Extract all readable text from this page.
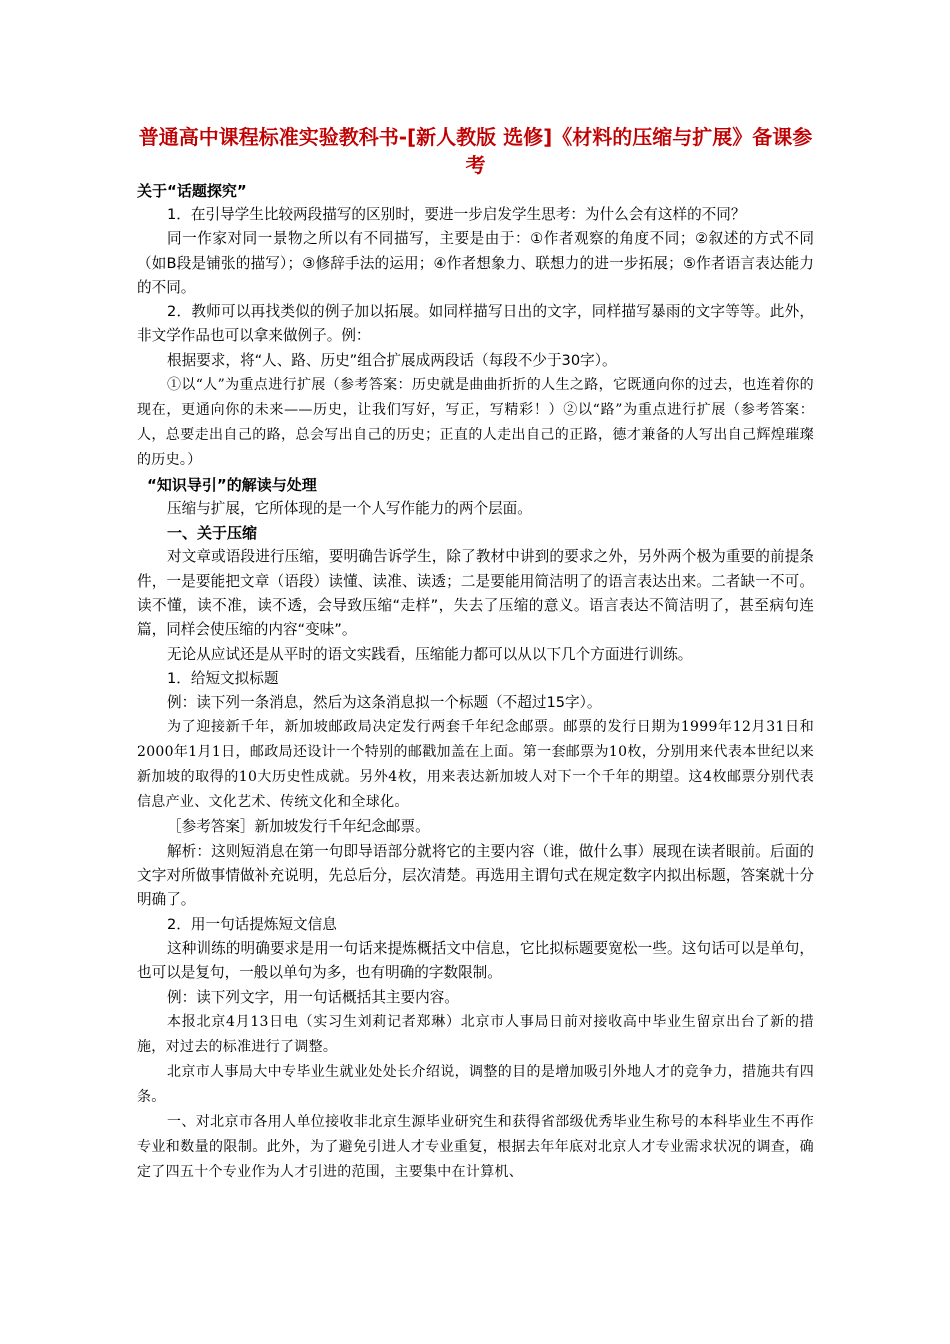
普通高中课程标准实验教科书-[新人教版 选修]《材料的压缩与扩展》备课参考
关于“话题探究”

1．在引导学生比较两段描写的区别时，要进一步启发学生思考：为什么会有这样的不同？

同一作家对同一景物之所以有不同描写，主要是由于：①作者观察的角度不同；②叙述的方式不同（如B段是铺张的描写）；③修辞手法的运用；④作者想象力、联想力的进一步拓展；⑤作者语言表达能力的不同。

2．教师可以再找类似的例子加以拓展。如同样描写日出的文字，同样描写暴雨的文字等等。此外，非文学作品也可以拿来做例子。例：

根据要求，将“人、路、历史”组合扩展成两段话（每段不少于30字）。

①以“人”为重点进行扩展（参考答案：历史就是曲曲折折的人生之路，它既通向你的过去，也连着你的现在，更通向你的未来——历史，让我们写好，写正，写精彩！）②以“路”为重点进行扩展（参考答案：人，总要走出自己的路，总会写出自己的历史；正直的人走出自己的正路，德才兼备的人写出自己辉煌璀璨的历史。）

“知识导引”的解读与处理

压缩与扩展，它所体现的是一个人写作能力的两个层面。

一、关于压缩

对文章或语段进行压缩，要明确告诉学生，除了教材中讲到的要求之外，另外两个极为重要的前提条件，一是要能把文章（语段）读懂、读准、读透；二是要能用简洁明了的语言表达出来。二者缺一不可。读不懂，读不准，读不透，会导致压缩“走样”，失去了压缩的意义。语言表达不简洁明了，甚至病句连篇，同样会使压缩的内容“变味”。

无论从应试还是从平时的语文实践看，压缩能力都可以从以下几个方面进行训练。

1．给短文拟标题

例：读下列一条消息，然后为这条消息拟一个标题（不超过15字）。

为了迎接新千年，新加坡邮政局决定发行两套千年纪念邮票。邮票的发行日期为1999年12月31日和2000年1月1日，邮政局还设计一个特别的邮戳加盖在上面。第一套邮票为10枚，分别用来代表本世纪以来新加坡的取得的10大历史性成就。另外4枚，用来表达新加坡人对下一个千年的期望。这4枚邮票分别代表信息产业、文化艺术、传统文化和全球化。

［参考答案］新加坡发行千年纪念邮票。

解析：这则短消息在第一句即导语部分就将它的主要内容（谁，做什么事）展现在读者眼前。后面的文字对所做事情做补充说明，先总后分，层次清楚。再选用主谓句式在规定数字内拟出标题，答案就十分明确了。

2．用一句话提炼短文信息

这种训练的明确要求是用一句话来提炼概括文中信息，它比拟标题要宽松一些。这句话可以是单句，也可以是复句，一般以单句为多，也有明确的字数限制。

例：读下列文字，用一句话概括其主要内容。

本报北京4月13日电（实习生刘莉记者郑琳）北京市人事局日前对接收高中毕业生留京出台了新的措施，对过去的标准进行了调整。

北京市人事局大中专毕业生就业处处长介绍说，调整的目的是增加吸引外地人才的竞争力，措施共有四条。

一、对北京市各用人单位接收非北京生源毕业研究生和获得省部级优秀毕业生称号的本科毕业生不再作专业和数量的限制。此外，为了避免引进人才专业重复，根据去年年底对北京人才专业需求状况的调查，确定了四五十个专业作为人才引进的范围，主要集中在计算机、
